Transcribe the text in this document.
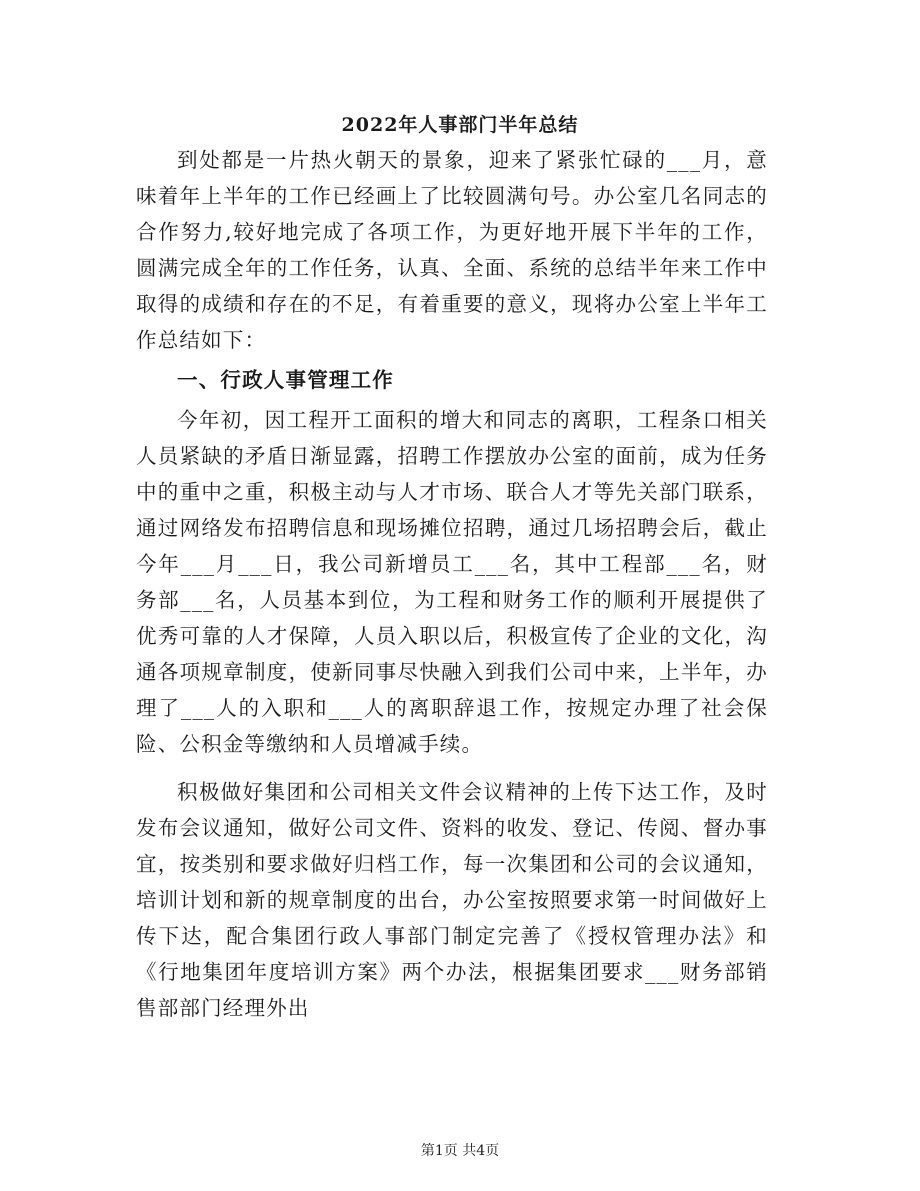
2022年人事部门半年总结

到处都是一片热火朝天的景象，迎来了紧张忙碌的___月，意味着年上半年的工作已经画上了比较圆满句号。办公室几名同志的合作努力,较好地完成了各项工作，为更好地开展下半年的工作，圆满完成全年的工作任务，认真、全面、系统的总结半年来工作中取得的成绩和存在的不足，有着重要的意义，现将办公室上半年工作总结如下：

一、行政人事管理工作

今年初，因工程开工面积的增大和同志的离职，工程条口相关人员紧缺的矛盾日渐显露，招聘工作摆放办公室的面前，成为任务中的重中之重，积极主动与人才市场、联合人才等先关部门联系，通过网络发布招聘信息和现场摊位招聘，通过几场招聘会后，截止今年___月___日，我公司新增员工___名，其中工程部___名，财务部___名，人员基本到位，为工程和财务工作的顺利开展提供了优秀可靠的人才保障，人员入职以后，积极宣传了企业的文化，沟通各项规章制度，使新同事尽快融入到我们公司中来，上半年，办理了___人的入职和___人的离职辞退工作，按规定办理了社会保险、公积金等缴纳和人员增减手续。

积极做好集团和公司相关文件会议精神的上传下达工作，及时发布会议通知，做好公司文件、资料的收发、登记、传阅、督办事宜，按类别和要求做好归档工作，每一次集团和公司的会议通知，培训计划和新的规章制度的出台，办公室按照要求第一时间做好上传下达，配合集团行政人事部门制定完善了《授权管理办法》和《行地集团年度培训方案》两个办法，根据集团要求___财务部销售部部门经理外出

第1页 共4页
